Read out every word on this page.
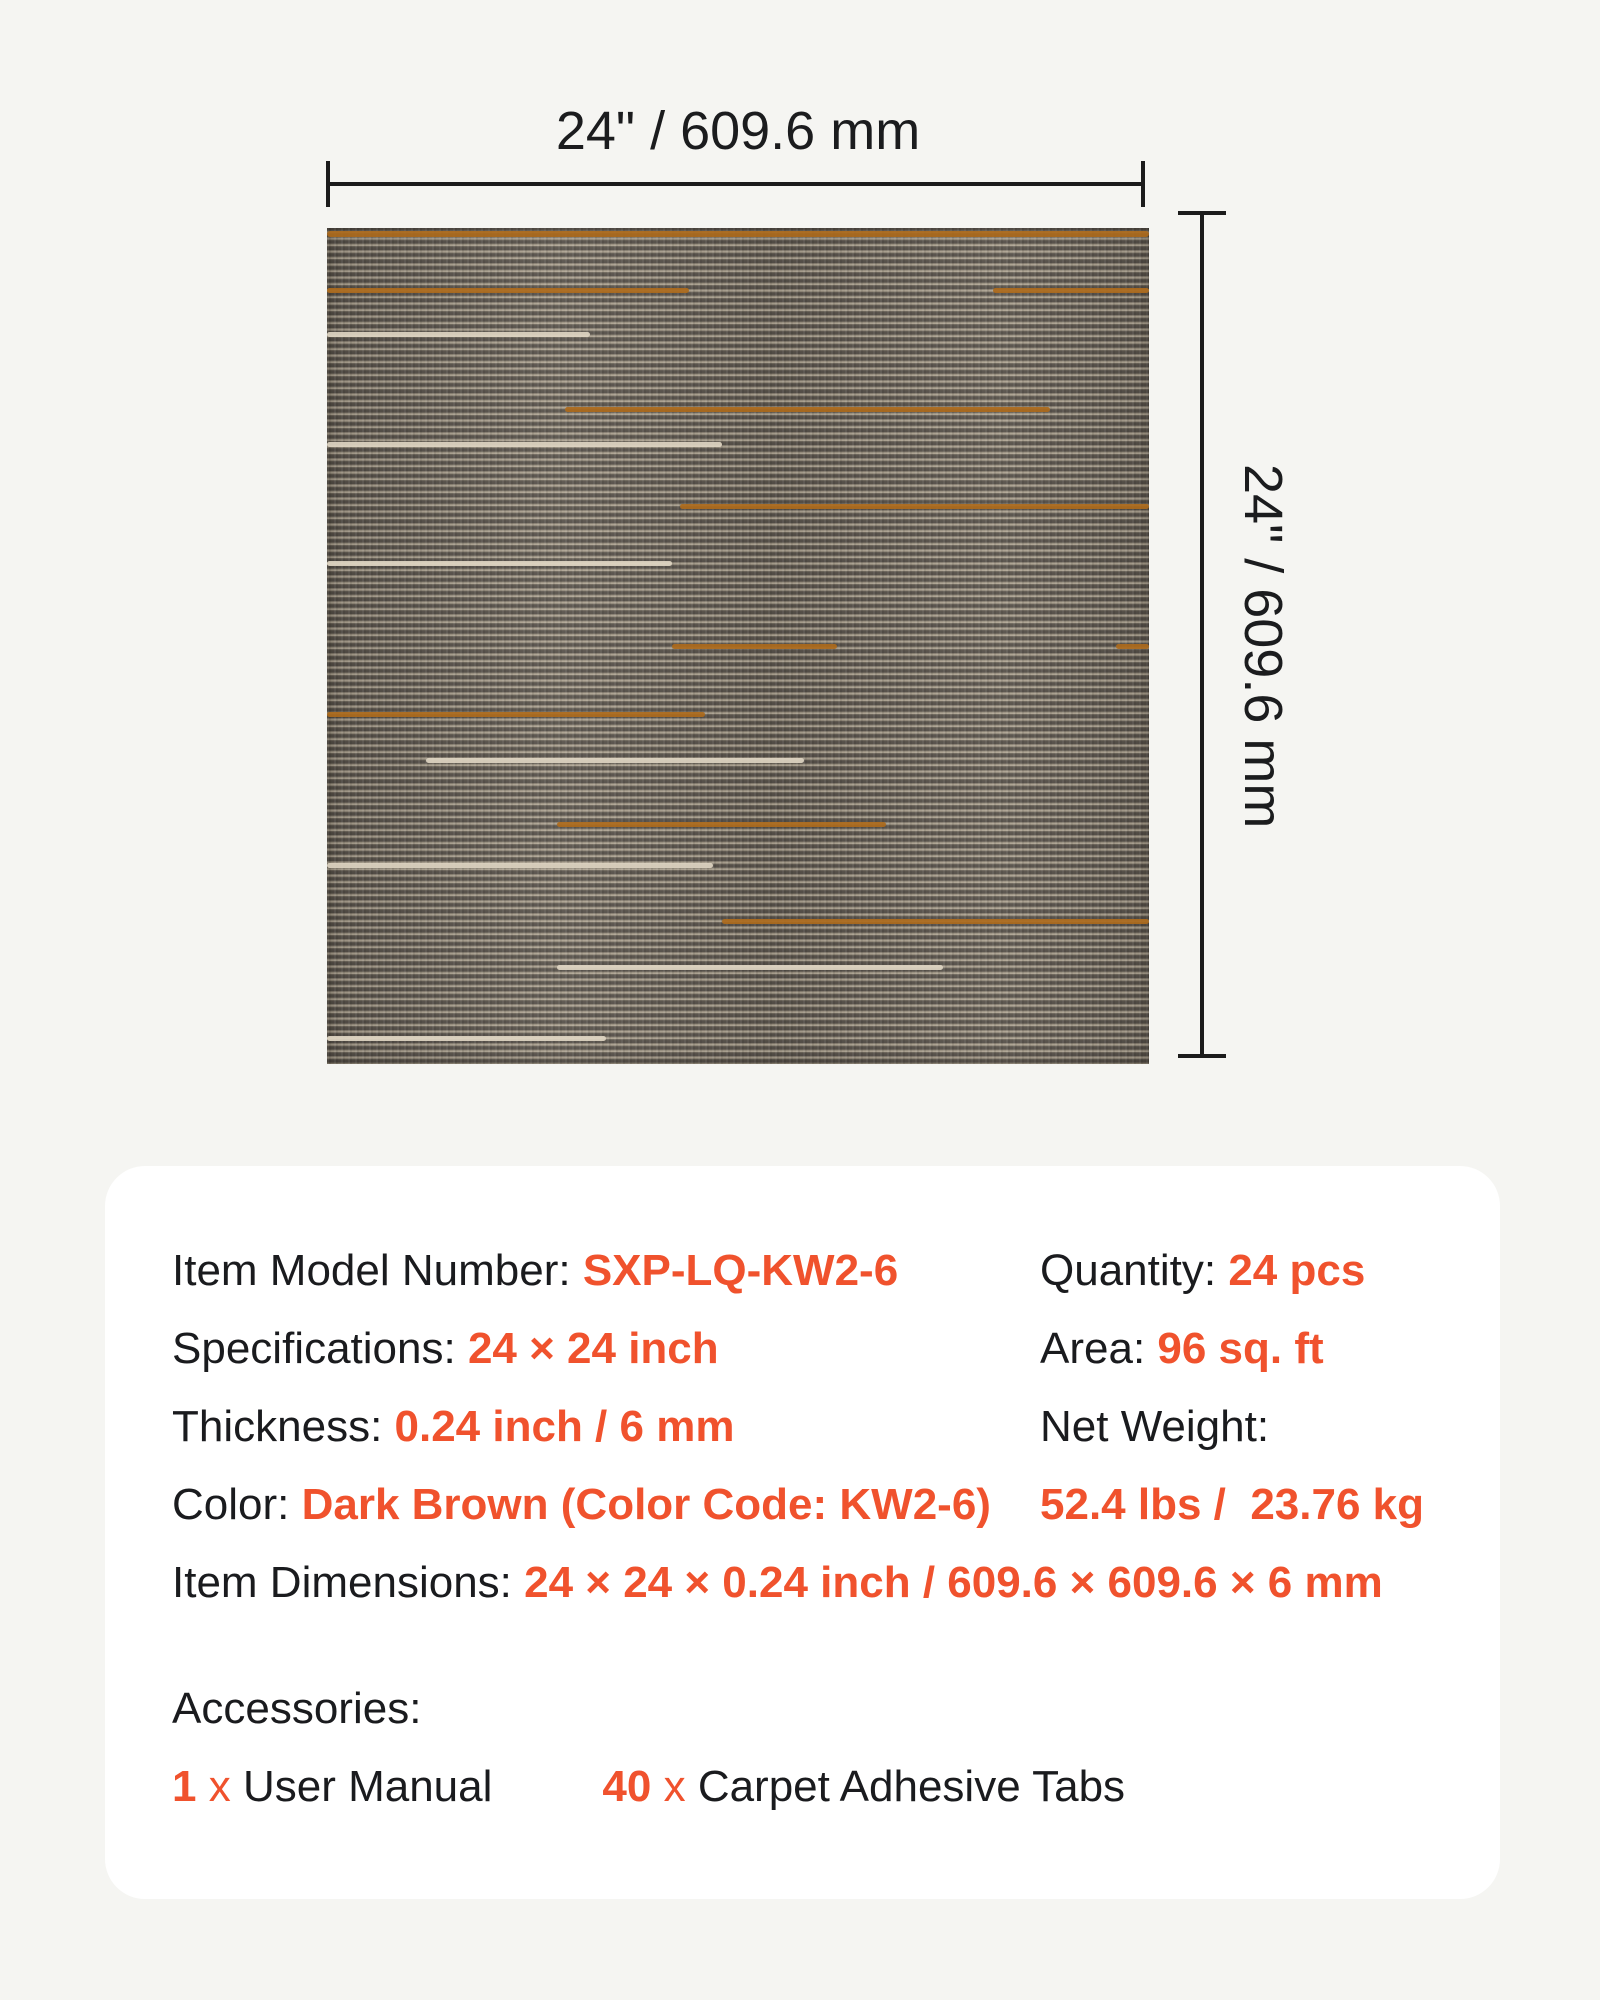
24" / 609.6 mm
24" / 609.6 mm
Item Model Number: SXP-LQ-KW2-6	Quantity: 24 pcs
Specifications: 24 × 24 inch	Area: 96 sq. ft
Thickness: 0.24 inch / 6 mm	Net Weight:
Color: Dark Brown (Color Code: KW2-6)	52.4 lbs /  23.76 kg
Item Dimensions: 24 × 24 × 0.24 inch / 609.6 × 609.6 × 6 mm
Accessories:
1 x User Manual	40 x Carpet Adhesive Tabs
